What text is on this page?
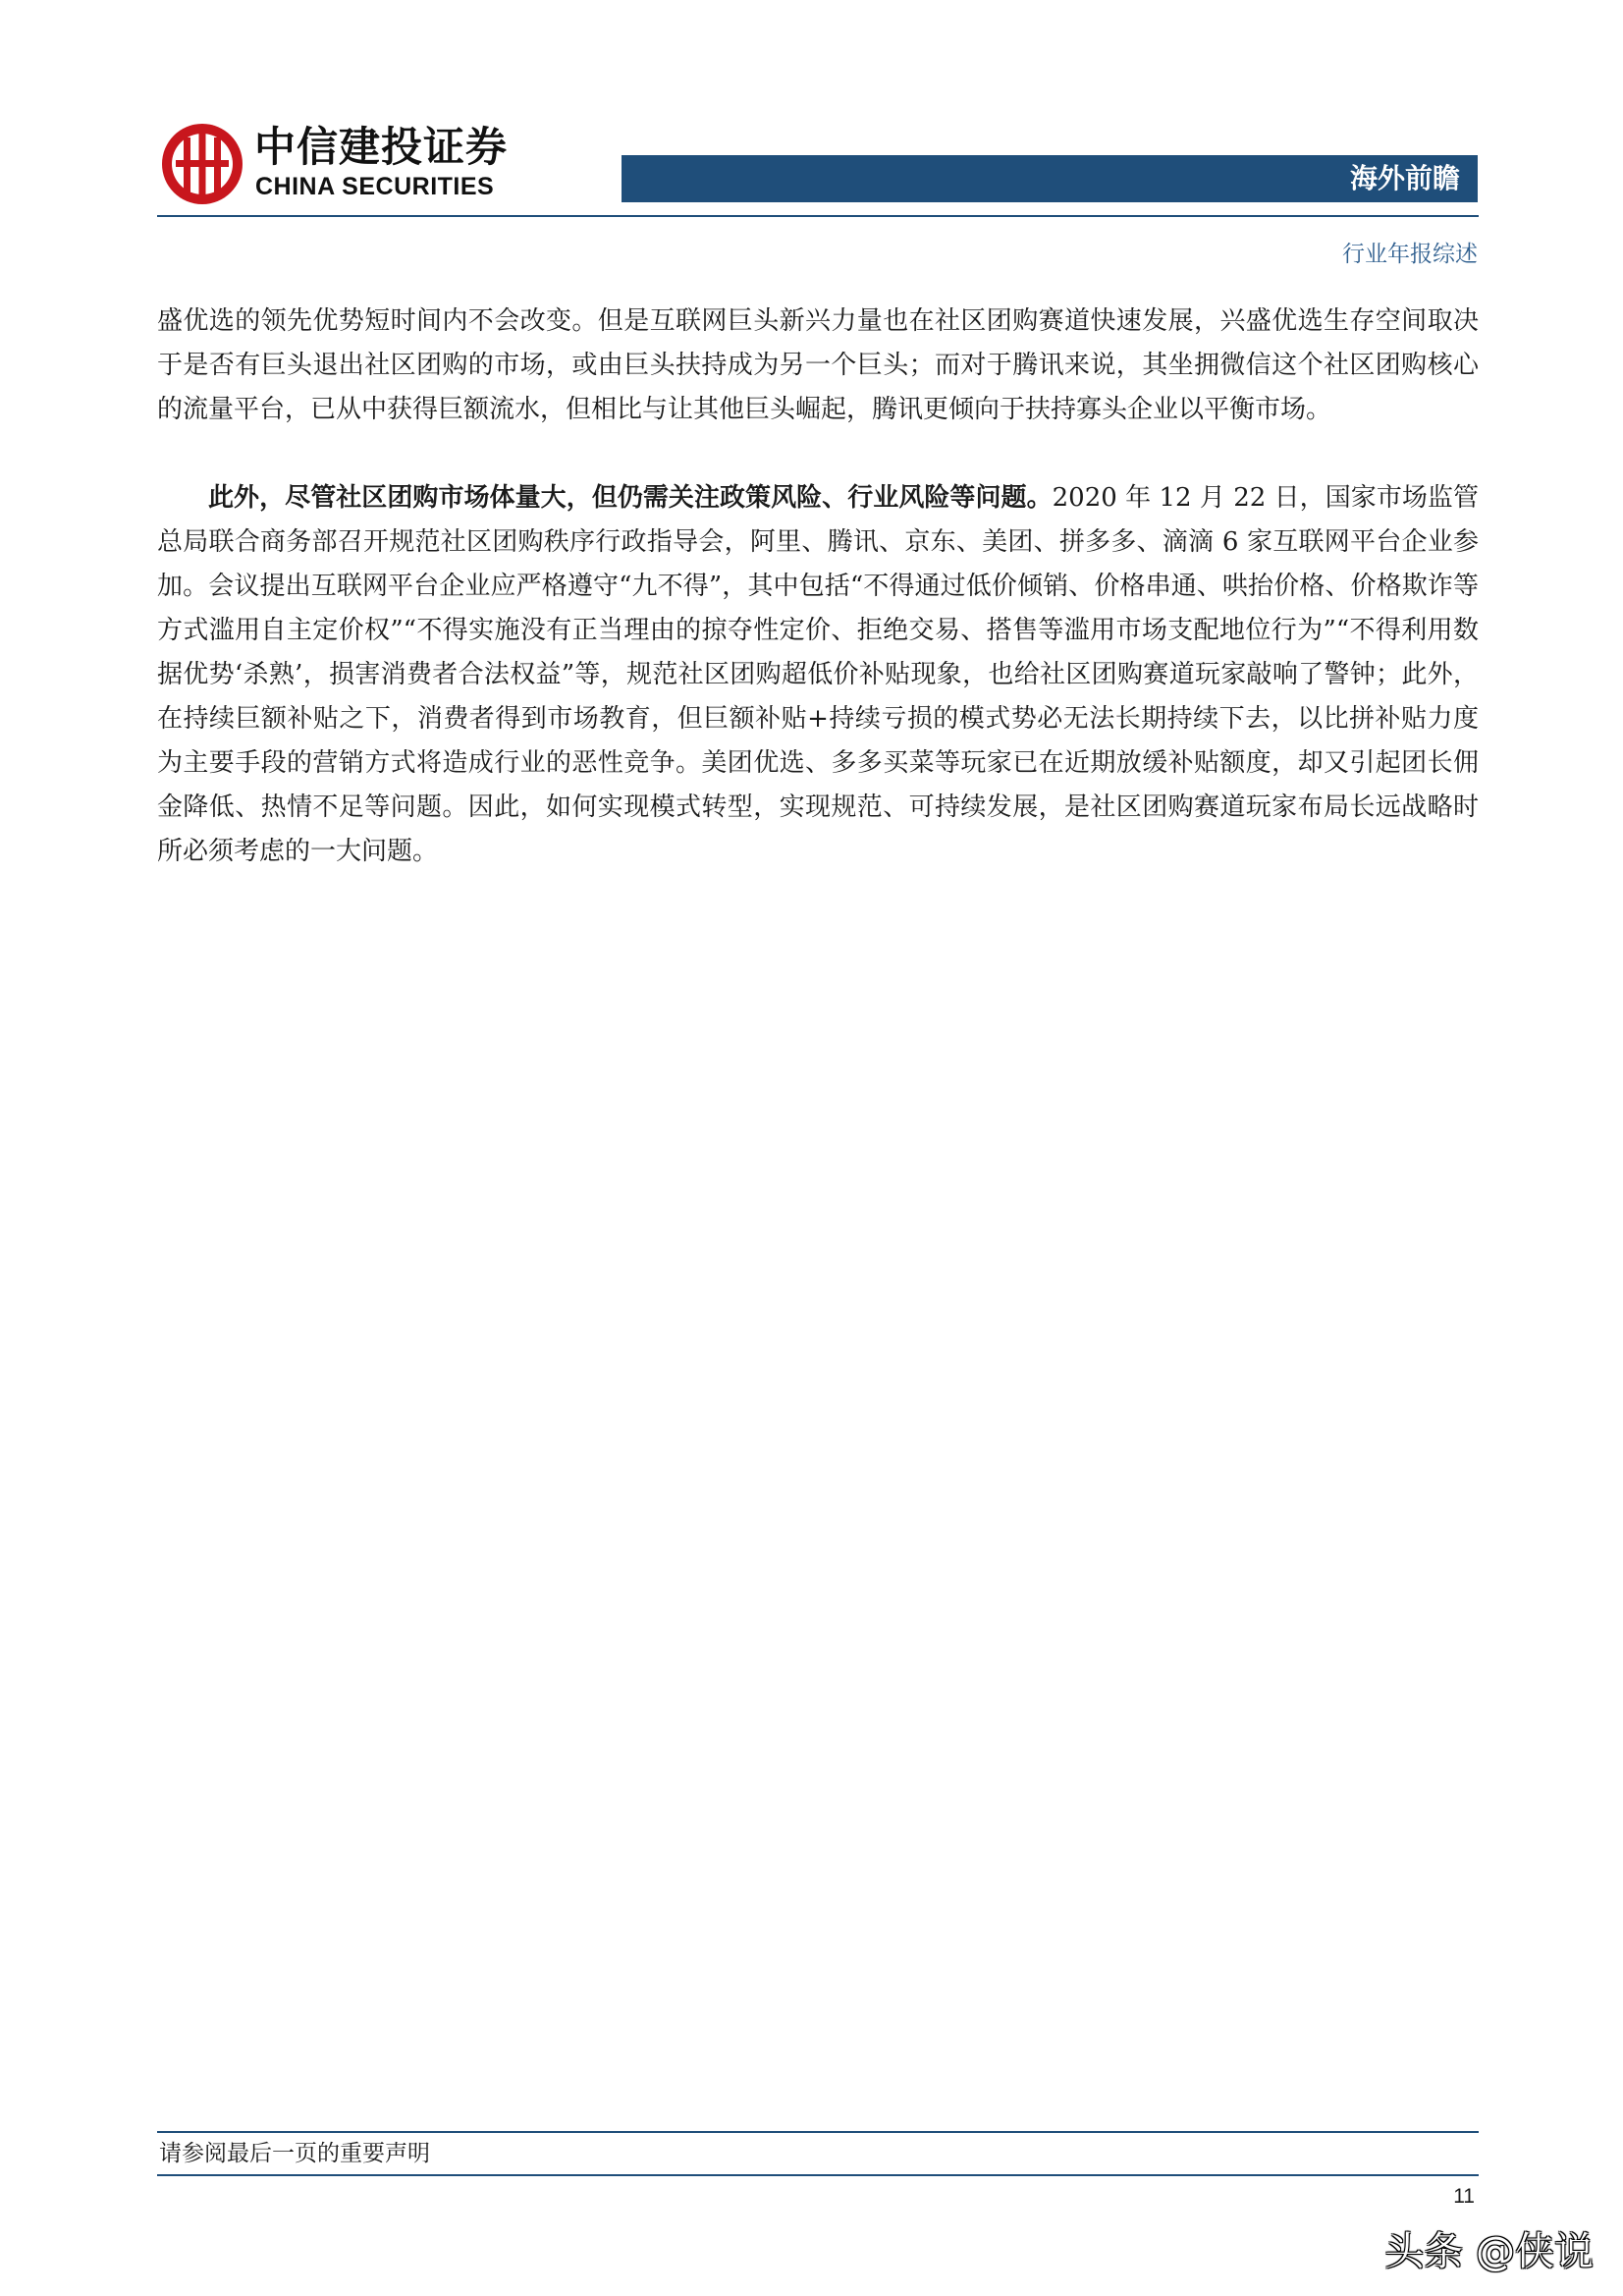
中信建投证券
CHINA SECURITIES	海外前瞻
行业年报综述

盛优选的领先优势短时间内不会改变。但是互联网巨头新兴力量也在社区团购赛道快速发展，兴盛优选生存空间取决于是否有巨头退出社区团购的市场，或由巨头扶持成为另一个巨头；而对于腾讯来说，其坐拥微信这个社区团购核心的流量平台，已从中获得巨额流水，但相比与让其他巨头崛起，腾讯更倾向于扶持寡头企业以平衡市场。

此外，尽管社区团购市场体量大，但仍需关注政策风险、行业风险等问题。2020 年 12 月 22 日，国家市场监管总局联合商务部召开规范社区团购秩序行政指导会，阿里、腾讯、京东、美团、拼多多、滴滴 6 家互联网平台企业参加。会议提出互联网平台企业应严格遵守“九不得”，其中包括“不得通过低价倾销、价格串通、哄抬价格、价格欺诈等方式滥用自主定价权”“不得实施没有正当理由的掠夺性定价、拒绝交易、搭售等滥用市场支配地位行为”“不得利用数据优势‘杀熟’，损害消费者合法权益”等，规范社区团购超低价补贴现象，也给社区团购赛道玩家敲响了警钟；此外，在持续巨额补贴之下，消费者得到市场教育，但巨额补贴+持续亏损的模式势必无法长期持续下去，以比拼补贴力度为主要手段的营销方式将造成行业的恶性竞争。美团优选、多多买菜等玩家已在近期放缓补贴额度，却又引起团长佣金降低、热情不足等问题。因此，如何实现模式转型，实现规范、可持续发展，是社区团购赛道玩家布局长远战略时所必须考虑的一大问题。

请参阅最后一页的重要声明
11
头条 @侠说
